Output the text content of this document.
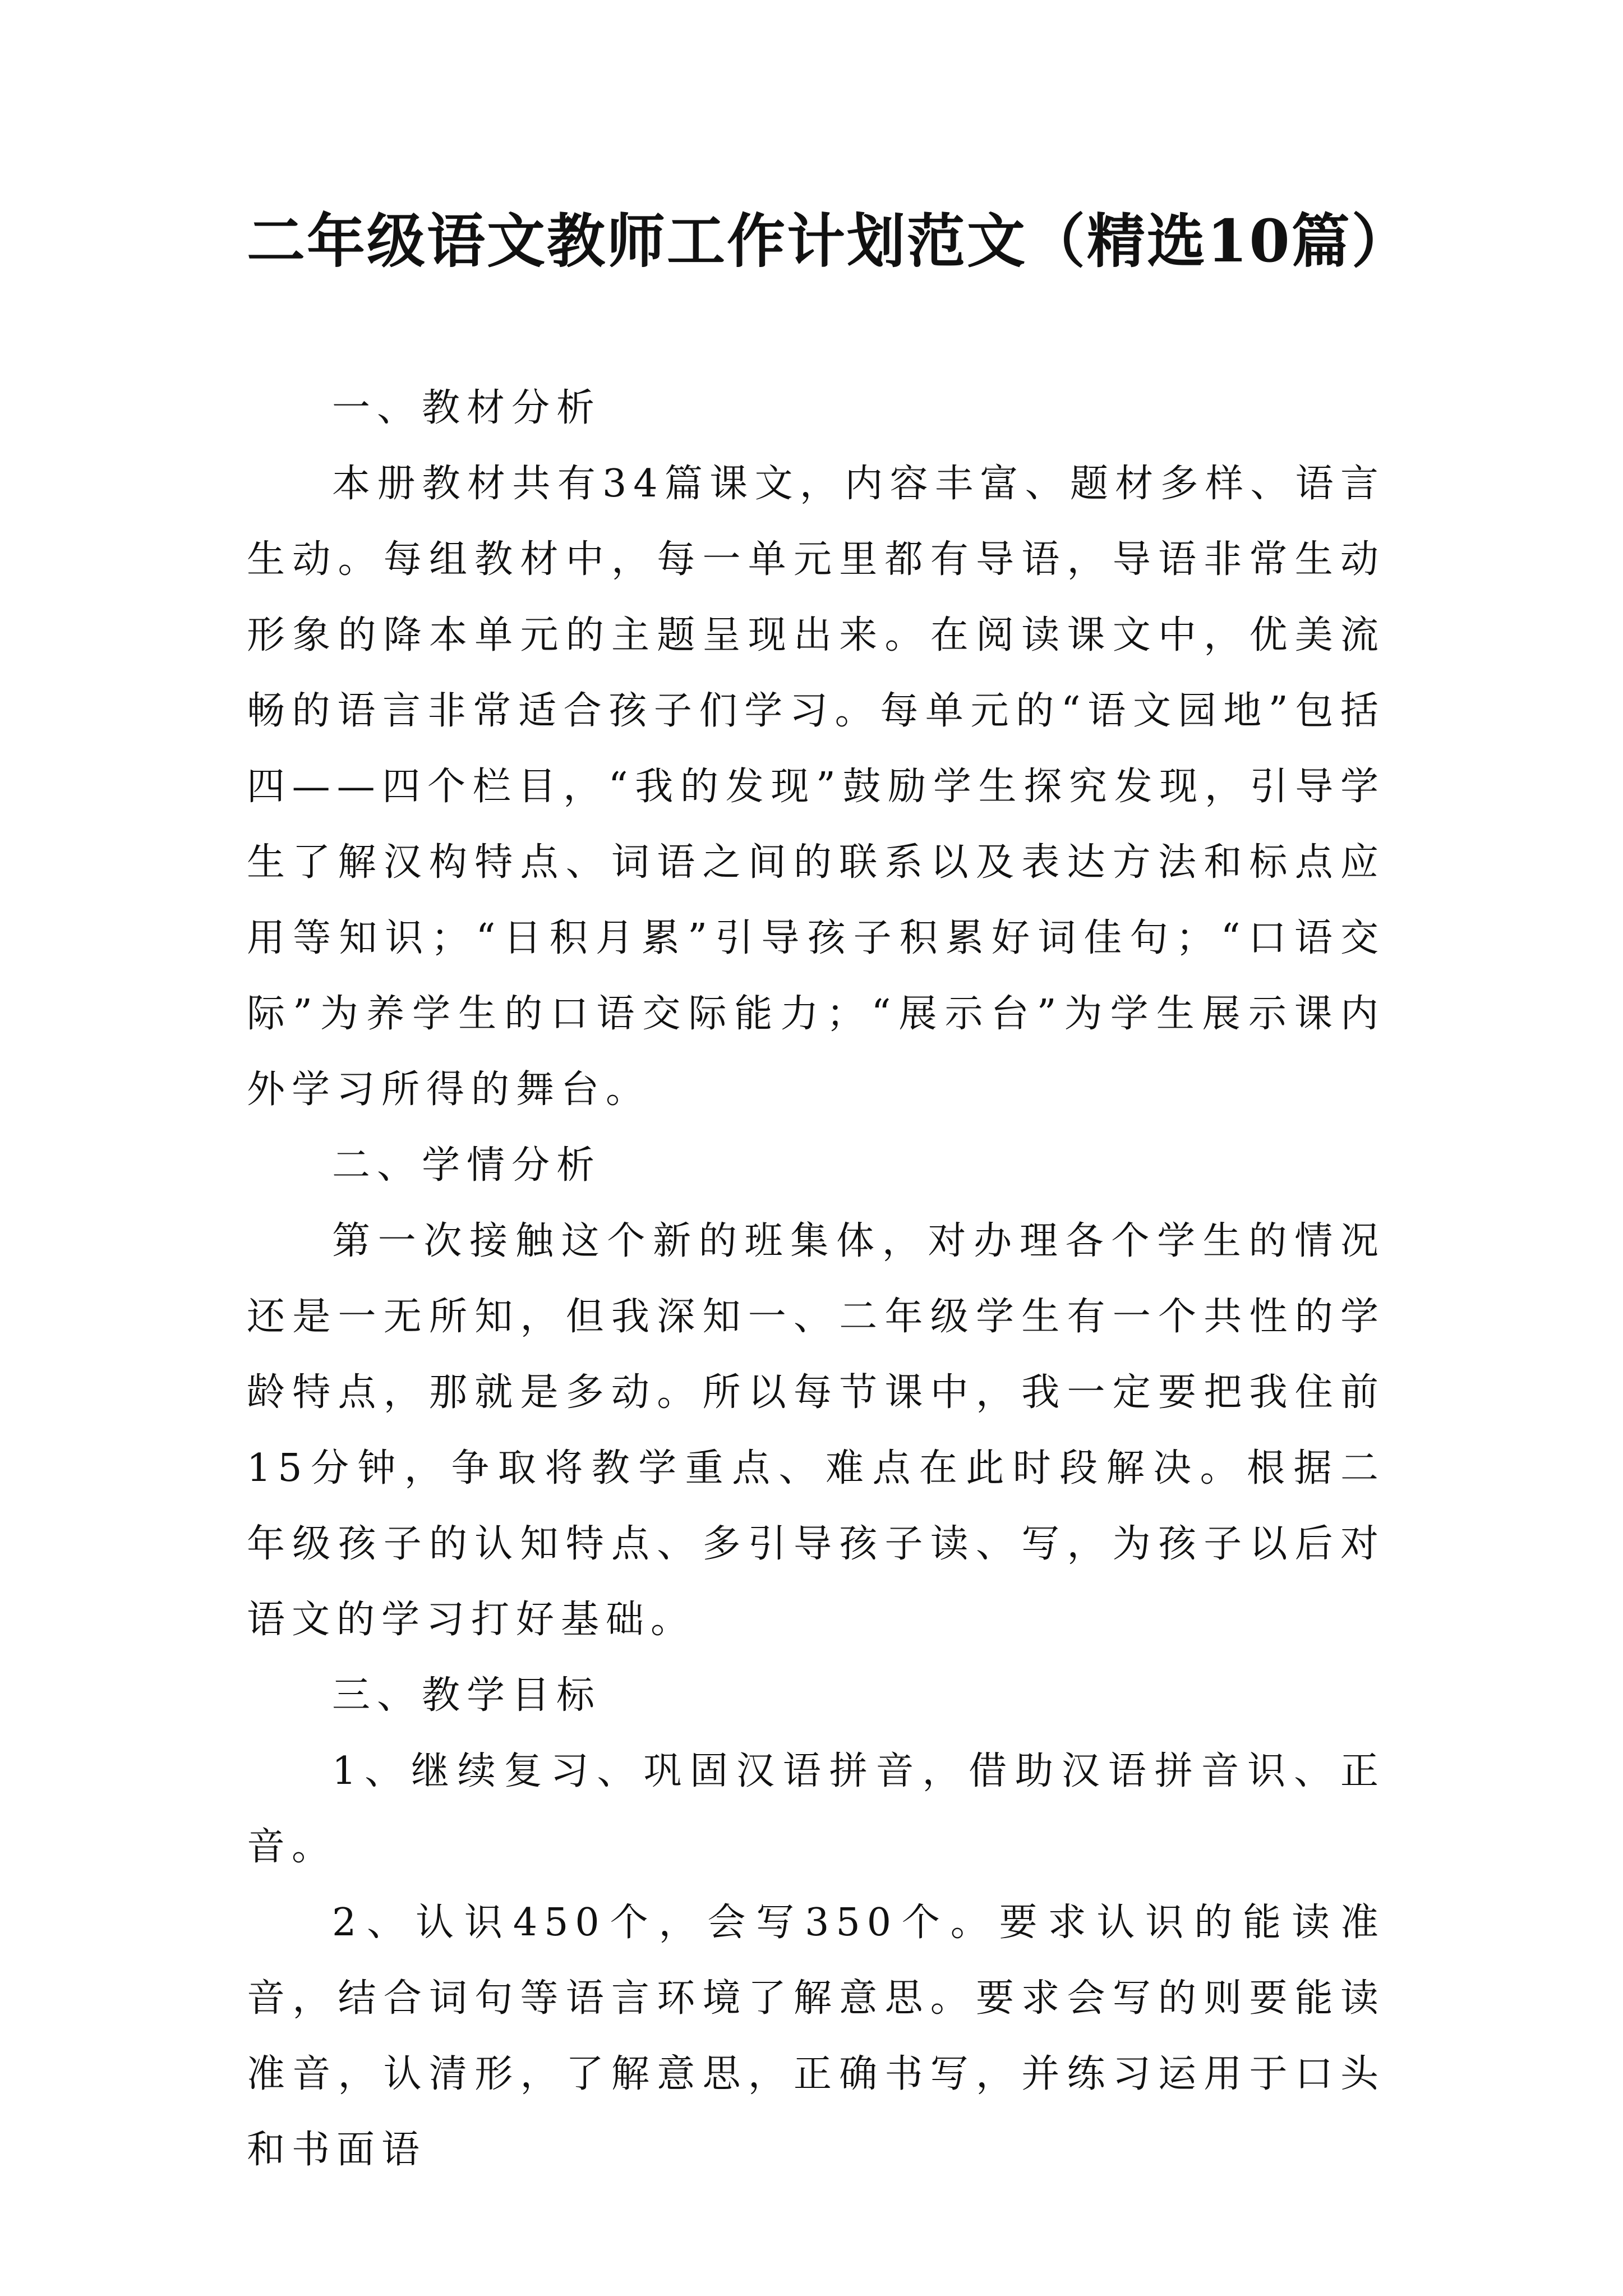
二年级语文教师工作计划范文（精选10篇）

一、教材分析

本册教材共有34篇课文，内容丰富、题材多样、语言生动。每组教材中，每一单元里都有导语，导语非常生动形象的降本单元的主题呈现出来。在阅读课文中，优美流畅的语言非常适合孩子们学习。每单元的“语文园地”包括四——四个栏目，“我的发现”鼓励学生探究发现，引导学生了解汉构特点、词语之间的联系以及表达方法和标点应用等知识；“日积月累”引导孩子积累好词佳句；“口语交际”为养学生的口语交际能力；“展示台”为学生展示课内外学习所得的舞台。

二、学情分析

第一次接触这个新的班集体，对办理各个学生的情况还是一无所知，但我深知一、二年级学生有一个共性的学龄特点，那就是多动。所以每节课中，我一定要把我住前15分钟，争取将教学重点、难点在此时段解决。根据二年级孩子的认知特点、多引导孩子读、写，为孩子以后对语文的学习打好基础。

三、教学目标

1、继续复习、巩固汉语拼音，借助汉语拼音识、正音。

2、认识450个，会写350个。要求认识的能读准音，结合词句等语言环境了解意思。要求会写的则要能读准音，认清形，了解意思，正确书写，并练习运用于口头和书面语
